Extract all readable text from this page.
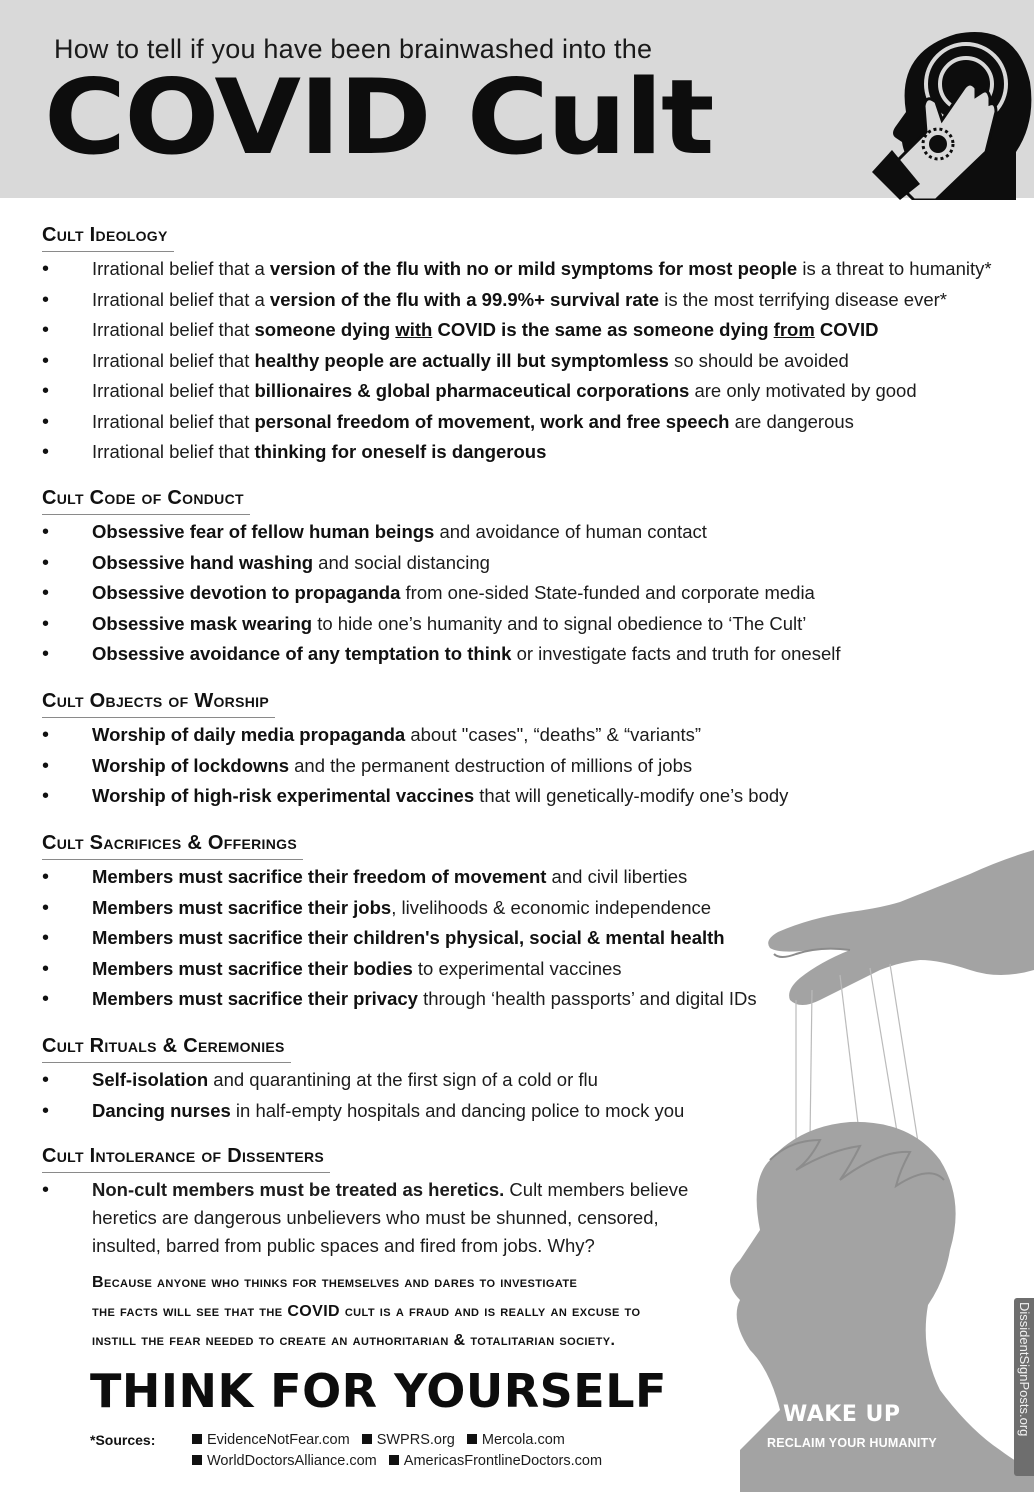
How to tell if you have been brainwashed into the
COVID Cult
Cult Ideology
• Irrational belief that a version of the flu with no or mild symptoms for most people is a threat to humanity*
• Irrational belief that a version of the flu with a 99.9%+ survival rate is the most terrifying disease ever*
• Irrational belief that someone dying with COVID is the same as someone dying from COVID
• Irrational belief that healthy people are actually ill but symptomless so should be avoided
• Irrational belief that billionaires & global pharmaceutical corporations are only motivated by good
• Irrational belief that personal freedom of movement, work and free speech are dangerous
• Irrational belief that thinking for oneself is dangerous
Cult Code of Conduct
• Obsessive fear of fellow human beings and avoidance of human contact
• Obsessive hand washing and social distancing
• Obsessive devotion to propaganda from one-sided State-funded and corporate media
• Obsessive mask wearing to hide one’s humanity and to signal obedience to ‘The Cult’
• Obsessive avoidance of any temptation to think or investigate facts and truth for oneself
Cult Objects of Worship
• Worship of daily media propaganda about "cases", “deaths” & “variants”
• Worship of lockdowns and the permanent destruction of millions of jobs
• Worship of high-risk experimental vaccines that will genetically-modify one’s body
Cult Sacrifices & Offerings
• Members must sacrifice their freedom of movement and civil liberties
• Members must sacrifice their jobs, livelihoods & economic independence
• Members must sacrifice their children's physical, social & mental health
• Members must sacrifice their bodies to experimental vaccines
• Members must sacrifice their privacy through ‘health passports’ and digital IDs
Cult Rituals & Ceremonies
• Self-isolation and quarantining at the first sign of a cold or flu
• Dancing nurses in half-empty hospitals and dancing police to mock you
Cult Intolerance of Dissenters
• Non-cult members must be treated as heretics. Cult members believe heretics are dangerous unbelievers who must be shunned, censored, insulted, barred from public spaces and fired from jobs. Why?
Because anyone who thinks for themselves and dares to investigate
the facts will see that the COVID cult is a fraud and is really an excuse to
instill the fear needed to create an authoritarian & totalitarian society.
THINK FOR YOURSELF
*Sources:	EvidenceNotFear.com SWPRS.org Mercola.com
WorldDoctorsAlliance.com AmericasFrontlineDoctors.com
WAKE UP
RECLAIM YOUR HUMANITY
DissidentSignPosts.org
